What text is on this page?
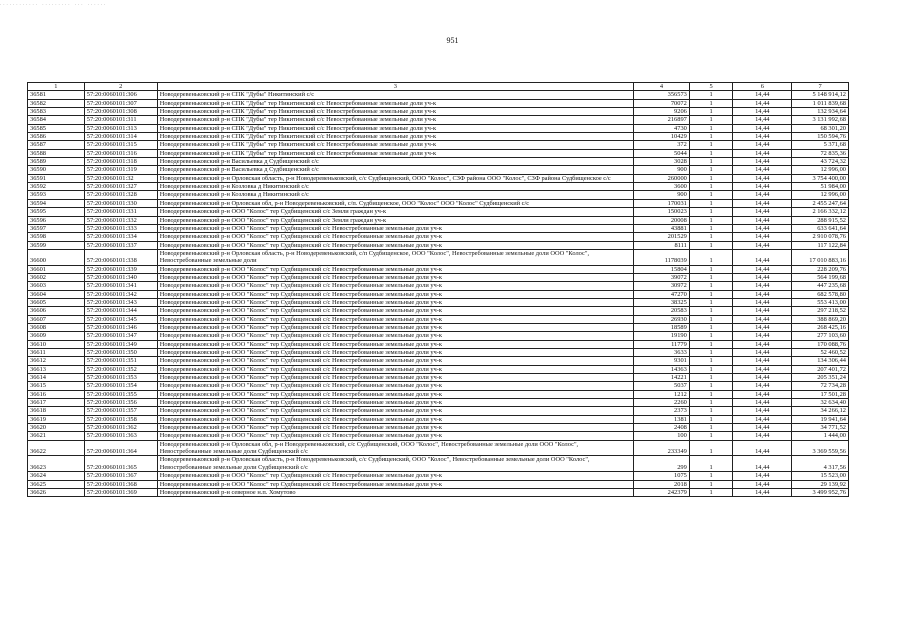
............ ......... ... ......
951
1	2	3	4	5	6	7
36581	57:20:0060101:306	Новодеревеньковский р-н СПК "Дубы" Никитинский с/с	356573	1	14,44	5 148 914,12
36582	57:20:0060101:307	Новодеревеньковский р-н СПК "Дубы" тер Никитинский с/с Невостребованные земельные доли уч-к	70072	1	14,44	1 011 839,68
36583	57:20:0060101:308	Новодеревеньковский р-н СПК "Дубы" тер Никитинский с/с Невостребованные земельные доли уч-к	9206	1	14,44	132 934,64
36584	57:20:0060101:311	Новодеревеньковский р-н СПК "Дубы" тер Никитинский с/с Невостребованные земельные доли уч-к	216897	1	14,44	3 131 992,68
36585	57:20:0060101:313	Новодеревеньковский р-н СПК "Дубы" тер Никитинский с/с Невостребованные земельные доли уч-к	4730	1	14,44	68 301,20
36586	57:20:0060101:314	Новодеревеньковский р-н СПК "Дубы" тер Никитинский с/с Невостребованные земельные доли уч-к	10429	1	14,44	150 594,76
36587	57:20:0060101:315	Новодеревеньковский р-н СПК "Дубы" тер Никитинский с/с Невостребованные земельные доли уч-к	372	1	14,44	5 371,68
36588	57:20:0060101:316	Новодеревеньковский р-н СПК "Дубы" тер Никитинский с/с Невостребованные земельные доли уч-к	5044	1	14,44	72 835,36
36589	57:20:0060101:318	Новодеревеньковский р-н Васильевка д Судбищенский с/с	3028	1	14,44	43 724,32
36590	57:20:0060101:319	Новодеревеньковский р-н Васильевка д Судбищенский с/с	900	1	14,44	12 996,00
36591	57:20:0060101:32	Новодеревеньковский р-н Орловская область, р-н Новодеревеньковский, с/с Судбищенский, ООО "Колос", СЗФ района ООО "Колос", СЗФ района Судбищенское с/с	260000	1	14,44	3 754 400,00
36592	57:20:0060101:327	Новодеревеньковский р-н Козловка д Никитинский с/с	3600	1	14,44	51 984,00
36593	57:20:0060101:328	Новодеревеньковский р-н Козловка д Никитинский с/с	900	1	14,44	12 996,00
36594	57:20:0060101:330	Новодеревеньковский р-н Орловская обл, р-н Новодеревеньковский, с/п. Судбищенское, ООО "Колос" ООО "Колос" Судбищенский с/с	170031	1	14,44	2 455 247,64
36595	57:20:0060101:331	Новодеревеньковский р-н ООО "Колос" тер Судбищенский с/с Земли граждан уч-к	150023	1	14,44	2 166 332,12
36596	57:20:0060101:332	Новодеревеньковский р-н ООО "Колос" тер Судбищенский с/с Земли граждан уч-к	20008	1	14,44	288 915,52
36597	57:20:0060101:333	Новодеревеньковский р-н ООО "Колос" тер Судбищенский с/с Невостребованные земельные доли уч-к	43881	1	14,44	633 641,64
36598	57:20:0060101:334	Новодеревеньковский р-н ООО "Колос" тер Судбищенский с/с Невостребованные земельные доли уч-к	201529	1	14,44	2 910 078,76
36599	57:20:0060101:337	Новодеревеньковский р-н ООО "Колос" тер Судбищенский с/с Невостребованные земельные доли уч-к	8111	1	14,44	117 122,84
36600	57:20:0060101:338	Новодеревеньковский р-н Орловская область, р-н Новодеревеньковский, с/п Судбищенское, ООО "Колос", Невостребованные земельные доли ООО "Колос", Невостребованные земельные доли	1178039	1	14,44	17 010 883,16
36601	57:20:0060101:339	Новодеревеньковский р-н ООО "Колос" тер Судбищенский с/с Невостребованные земельные доли уч-к	15804	1	14,44	228 209,76
36602	57:20:0060101:340	Новодеревеньковский р-н ООО "Колос" тер Судбищенский с/с Невостребованные земельные доли уч-к	39072	1	14,44	564 199,68
36603	57:20:0060101:341	Новодеревеньковский р-н ООО "Колос" тер Судбищенский с/с Невостребованные земельные доли уч-к	30972	1	14,44	447 235,68
36604	57:20:0060101:342	Новодеревеньковский р-н ООО "Колос" тер Судбищенский с/с Невостребованные земельные доли уч-к	47270	1	14,44	682 578,80
36605	57:20:0060101:343	Новодеревеньковский р-н ООО "Колос" тер Судбищенский с/с Невостребованные земельные доли уч-к	38325	1	14,44	553 413,00
36606	57:20:0060101:344	Новодеревеньковский р-н ООО "Колос" тер Судбищенский с/с Невостребованные земельные доли уч-к	20583	1	14,44	297 218,52
36607	57:20:0060101:345	Новодеревеньковский р-н ООО "Колос" тер Судбищенский с/с Невостребованные земельные доли уч-к	26930	1	14,44	388 869,20
36608	57:20:0060101:346	Новодеревеньковский р-н ООО "Колос" тер Судбищенский с/с Невостребованные земельные доли уч-к	18589	1	14,44	268 425,16
36609	57:20:0060101:347	Новодеревеньковский р-н ООО "Колос" тер Судбищенский с/с Невостребованные земельные доли уч-к	19190	1	14,44	277 103,60
36610	57:20:0060101:349	Новодеревеньковский р-н ООО "Колос" тер Судбищенский с/с Невостребованные земельные доли уч-к	11779	1	14,44	170 088,76
36611	57:20:0060101:350	Новодеревеньковский р-н ООО "Колос" тер Судбищенский с/с Невостребованные земельные доли уч-к	3633	1	14,44	52 460,52
36612	57:20:0060101:351	Новодеревеньковский р-н ООО "Колос" тер Судбищенский с/с Невостребованные земельные доли уч-к	9301	1	14,44	134 306,44
36613	57:20:0060101:352	Новодеревеньковский р-н ООО "Колос" тер Судбищенский с/с Невостребованные земельные доли уч-к	14363	1	14,44	207 401,72
36614	57:20:0060101:353	Новодеревеньковский р-н ООО "Колос" тер Судбищенский с/с Невостребованные земельные доли уч-к	14221	1	14,44	205 351,24
36615	57:20:0060101:354	Новодеревеньковский р-н ООО "Колос" тер Судбищенский с/с Невостребованные земельные доли уч-к	5037	1	14,44	72 734,28
36616	57:20:0060101:355	Новодеревеньковский р-н ООО "Колос" тер Судбищенский с/с Невостребованные земельные доли уч-к	1212	1	14,44	17 501,28
36617	57:20:0060101:356	Новодеревеньковский р-н ООО "Колос" тер Судбищенский с/с Невостребованные земельные доли уч-к	2260	1	14,44	32 634,40
36618	57:20:0060101:357	Новодеревеньковский р-н ООО "Колос" тер Судбищенский с/с Невостребованные земельные доли уч-к	2373	1	14,44	34 266,12
36619	57:20:0060101:358	Новодеревеньковский р-н ООО "Колос" тер Судбищенский с/с Невостребованные земельные доли уч-к	1381	1	14,44	19 941,64
36620	57:20:0060101:362	Новодеревеньковский р-н ООО "Колос" тер Судбищенский с/с Невостребованные земельные доли уч-к	2408	1	14,44	34 771,52
36621	57:20:0060101:363	Новодеревеньковский р-н ООО "Колос" тер Судбищенский с/с Невостребованные земельные доли уч-к	100	1	14,44	1 444,00
36622	57:20:0060101:364	Новодеревеньковский р-н Орловская обл, р-н Новодеревеньковский, с/с Судбищенский, ООО "Колос", Невостребованные земельные доли ООО "Колос", Невостребованные земельные доли Судбищенский с/с	233349	1	14,44	3 369 559,56
36623	57:20:0060101:365	Новодеревеньковский р-н Орловская область, р-н Новодеревеньковский, с/с Судбищенский, ООО "Колос", Невостребованные земельные доли ООО "Колос", Невостребованные земельные доли Судбищенский с/с	299	1	14,44	4 317,56
36624	57:20:0060101:367	Новодеревеньковский р-н ООО "Колос" тер Судбищенский с/с Невостребованные земельные доли уч-к	1075	1	14,44	15 523,00
36625	57:20:0060101:368	Новодеревеньковский р-н ООО "Колос" тер Судбищенский с/с Невостребованные земельные доли уч-к	2018	1	14,44	29 139,92
36626	57:20:0060101:369	Новодеревеньковский р-н северное н.п. Хомутово	242379	1	14,44	3 499 952,76
